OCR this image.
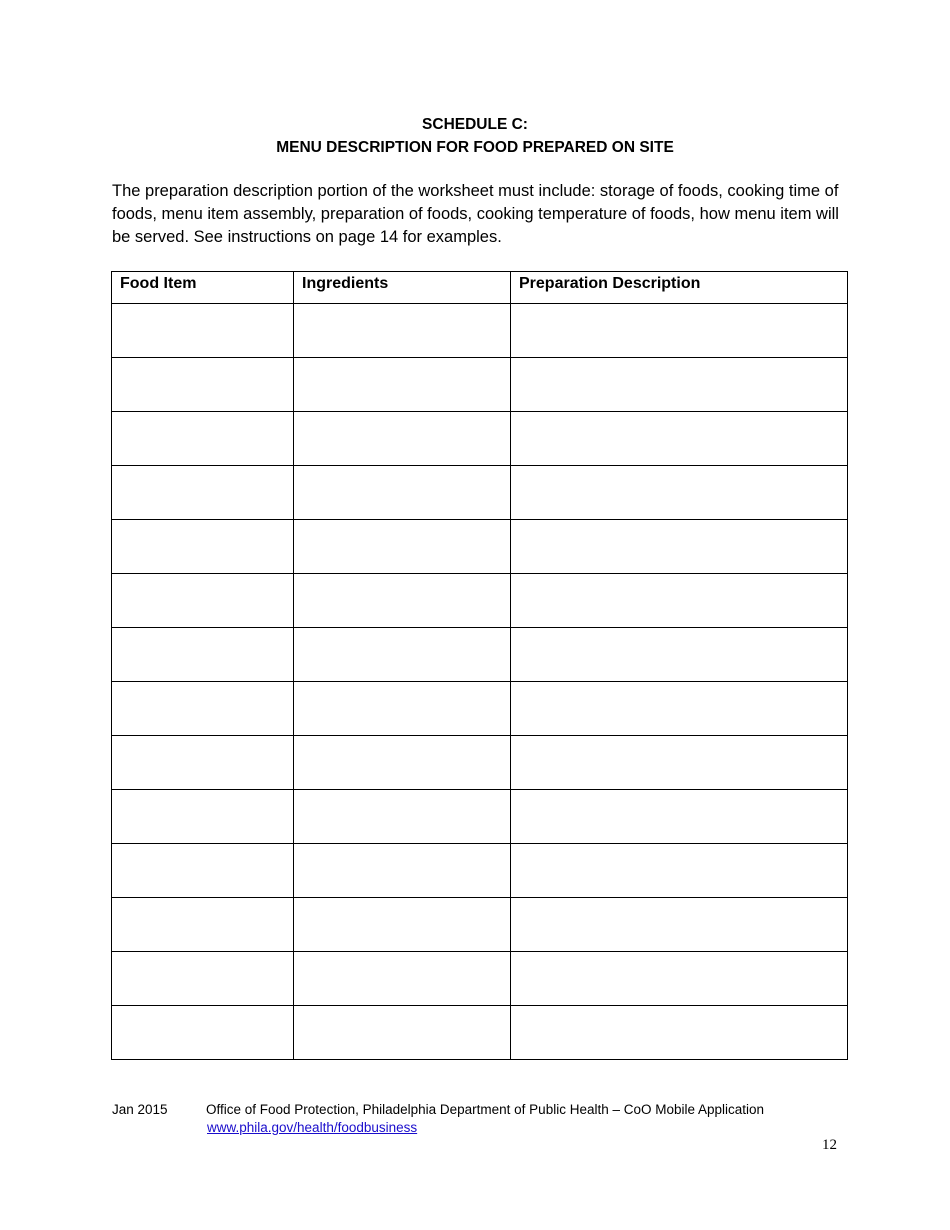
SCHEDULE C:
MENU DESCRIPTION FOR FOOD PREPARED ON SITE
The preparation description portion of the worksheet must include: storage of foods, cooking time of foods, menu item assembly, preparation of foods, cooking temperature of foods, how menu item will be served. See instructions on page 14 for examples.
Food Item	Ingredients	Preparation Description

Jan 2015	Office of Food Protection, Philadelphia Department of Public Health – CoO Mobile Application
www.phila.gov/health/foodbusiness
12
